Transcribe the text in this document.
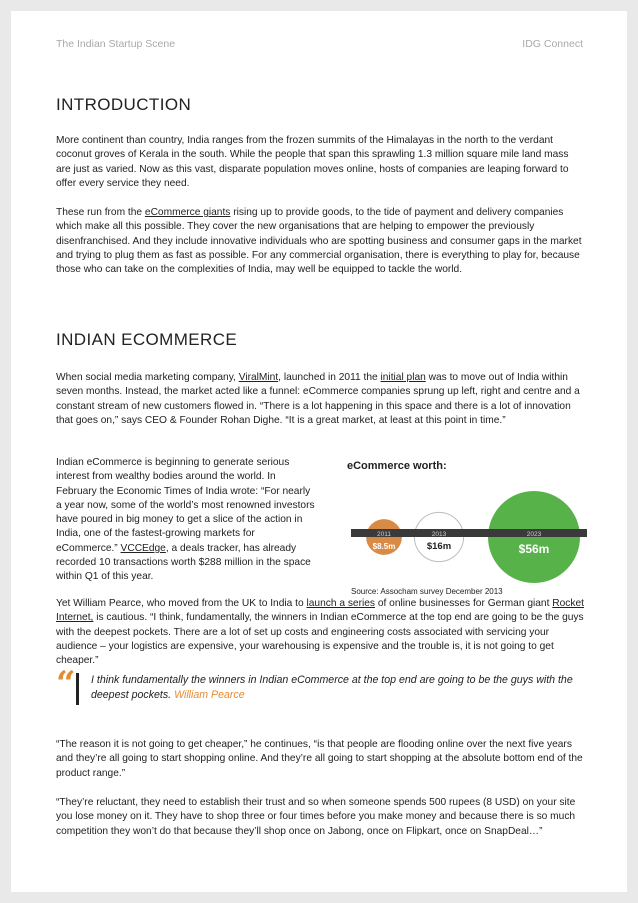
The Indian Startup Scene	IDG Connect
INTRODUCTION

More continent than country, India ranges from the frozen summits of the Himalayas in the north to the verdant coconut groves of Kerala in the south. While the people that span this sprawling 1.3 million square mile land mass are just as varied. Now as this vast, disparate population moves online, hosts of companies are leaping forward to offer every service they need.

These run from the eCommerce giants rising up to provide goods, to the tide of payment and delivery companies which make all this possible. They cover the new organisations that are helping to empower the previously disenfranchised. And they include innovative individuals who are spotting business and consumer gaps in the market and trying to plug them as fast as possible. For any commercial organisation, there is everything to play for, because those who can take on the complexities of India, may well be equipped to tackle the world.

INDIAN ECOMMERCE

When social media marketing company, ViralMint, launched in 2011 the initial plan was to move out of India within seven months. Instead, the market acted like a funnel: eCommerce companies sprung up left, right and centre and a constant stream of new customers flowed in. “There is a lot happening in this space and there is a lot of innovation that goes on,” says CEO & Founder Rohan Dighe. “It is a great market, at least at this point in time.”

Indian eCommerce is beginning to generate serious interest from wealthy bodies around the world. In February the Economic Times of India wrote: “For nearly a year now, some of the world’s most renowned investors have poured in big money to get a slice of the action in India, one of the fastest-growing markets for eCommerce.” VCCEdge, a deals tracker, has already recorded 10 transactions worth $288 million in the space within Q1 of this year.

eCommerce worth:
2011
$8.5m
2013
$16m
2023
$56m
Source: Assocham survey December 2013

Yet William Pearce, who moved from the UK to India to launch a series of online businesses for German giant Rocket Internet, is cautious. “I think, fundamentally, the winners in Indian eCommerce at the top end are going to be the guys with the deepest pockets. There are a lot of set up costs and engineering costs associated with servicing your audience – your logistics are expensive, your warehousing is expensive and the trouble is, it is not going to get cheaper.”

“ I think fundamentally the winners in Indian eCommerce at the top end are going to be the guys with the deepest pockets. William Pearce

“The reason it is not going to get cheaper,” he continues, “is that people are flooding online over the next five years and they’re all going to start shopping online. And they’re all going to start shopping at the absolute bottom end of the product range.”

“They’re reluctant, they need to establish their trust and so when someone spends 500 rupees (8 USD) on your site you lose money on it. They have to shop three or four times before you make money and because there is so much competition they won’t do that because they’ll shop once on Jabong, once on Flipkart, once on SnapDeal…”
